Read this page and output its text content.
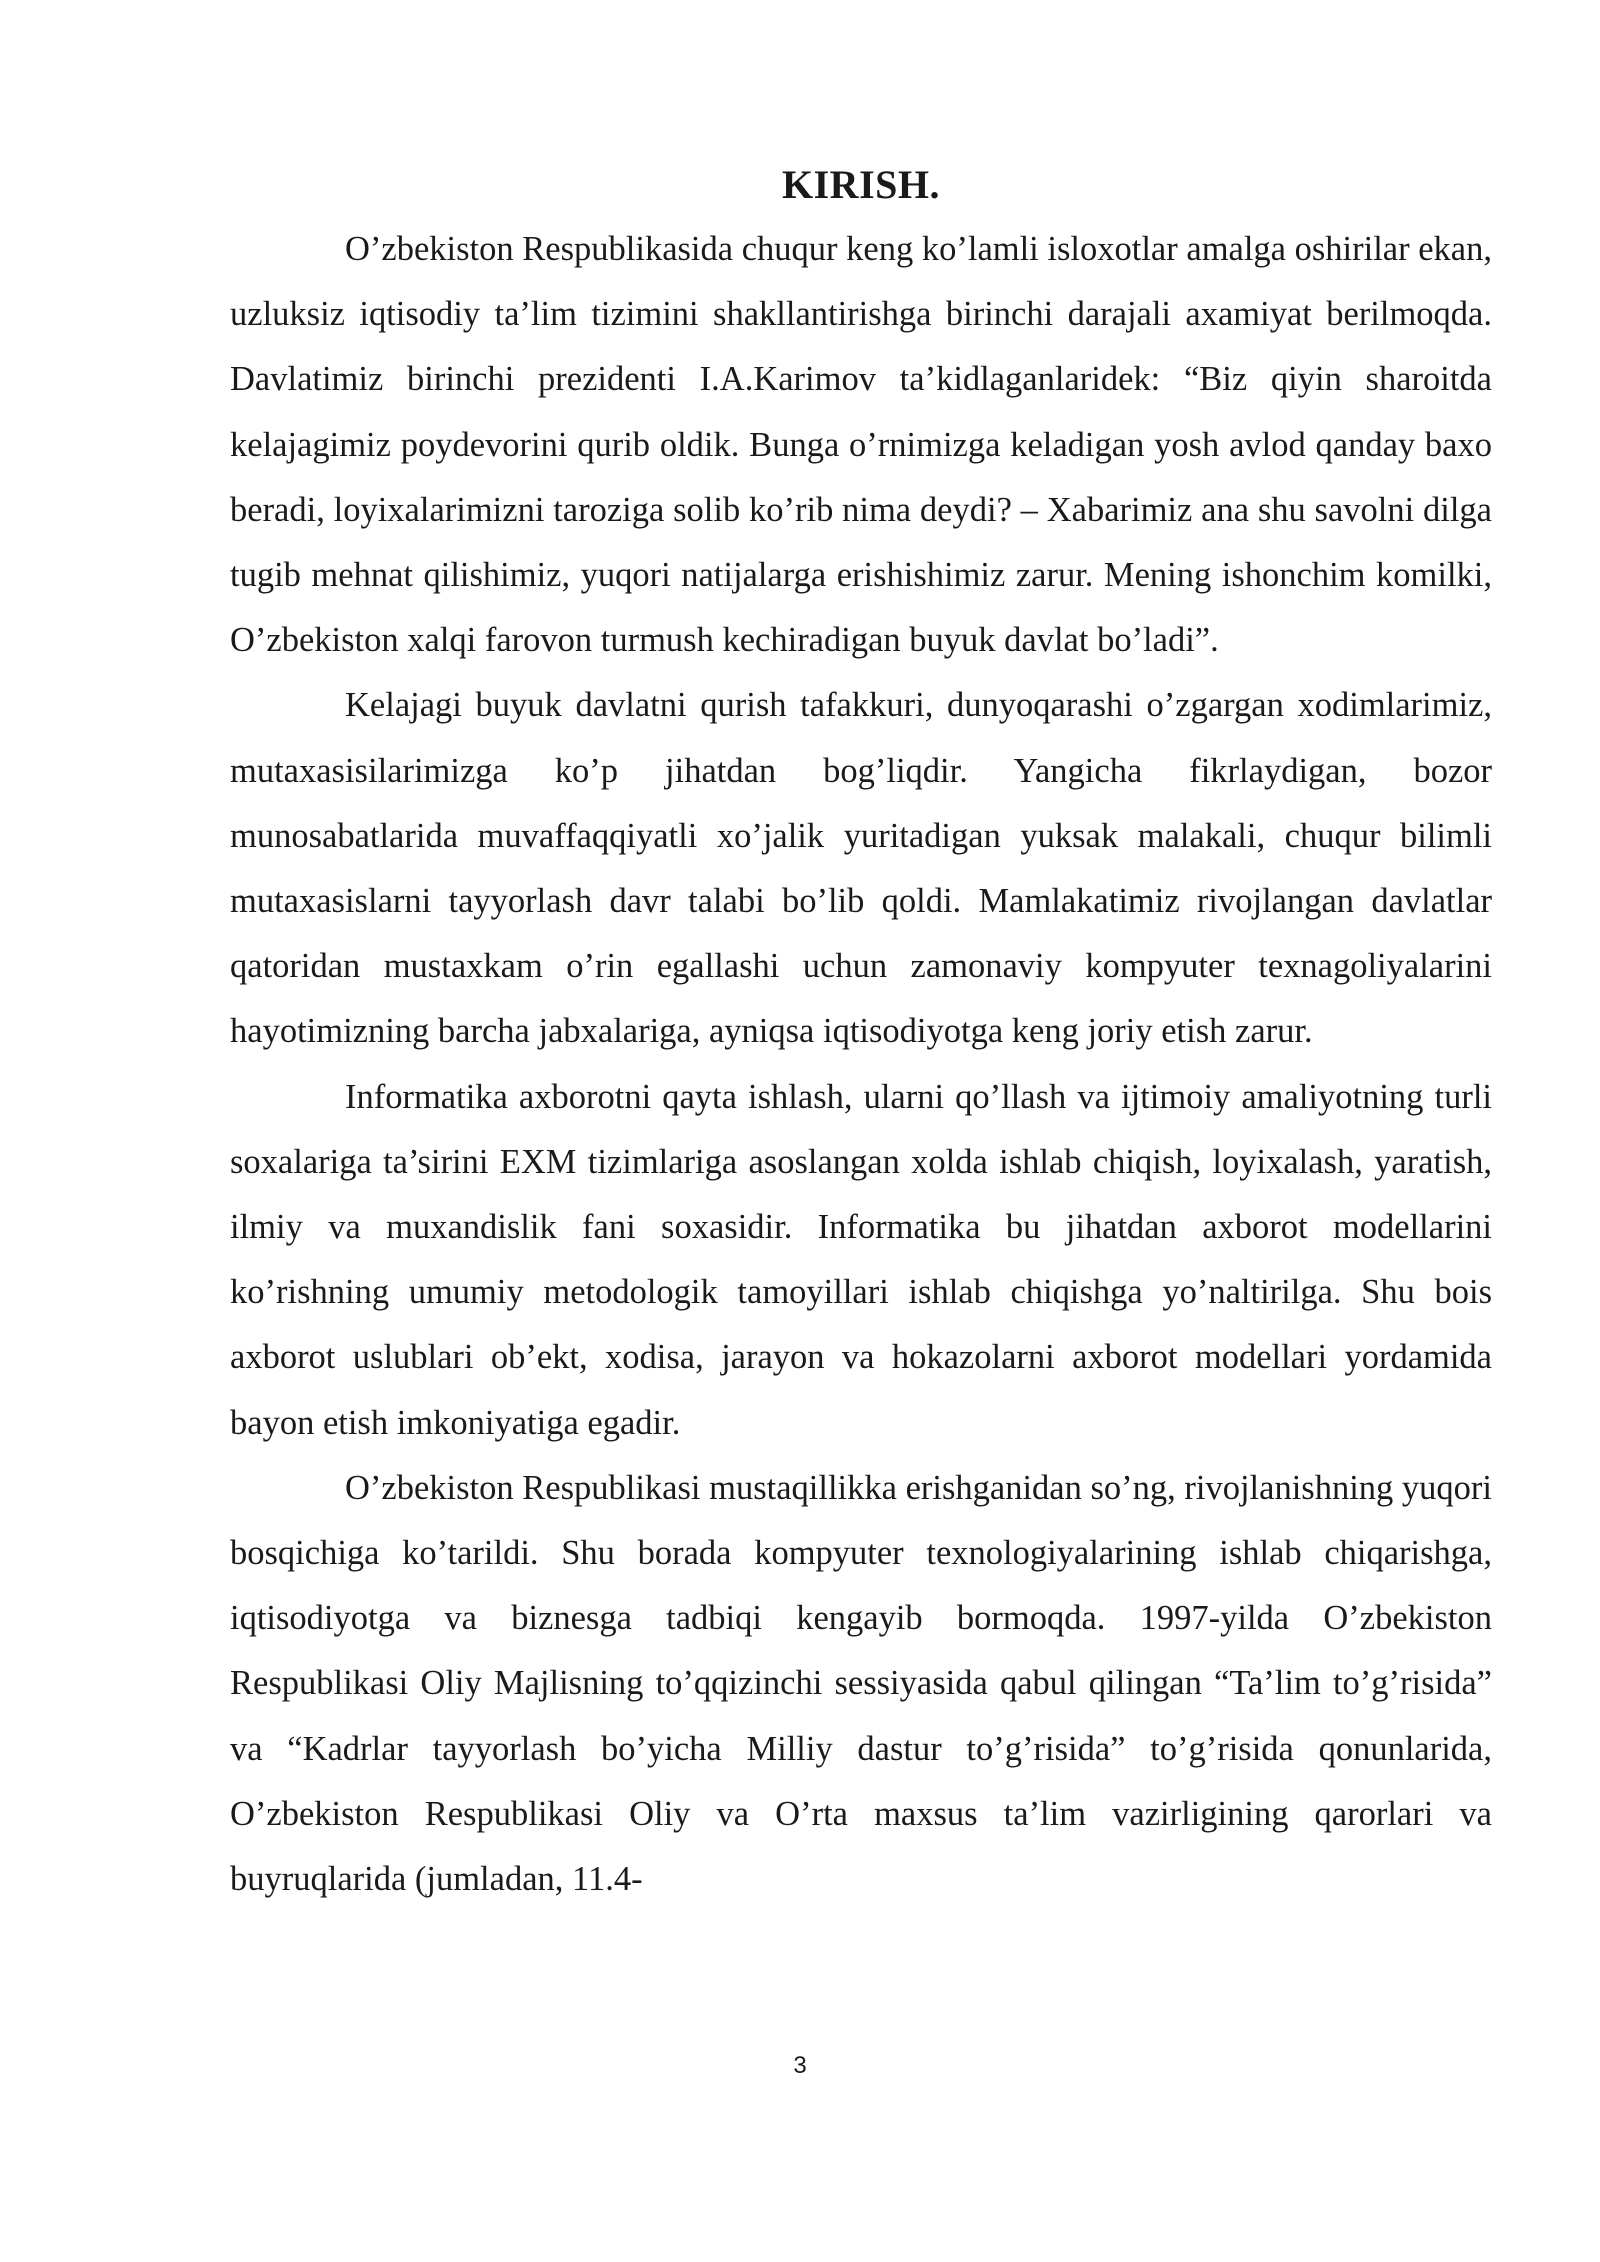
KIRISH.

O’zbekiston Respublikasida chuqur keng ko’lamli isloxotlar amalga oshirilar ekan, uzluksiz iqtisodiy ta’lim tizimini shakllantirishga birinchi darajali axamiyat berilmoqda. Davlatimiz birinchi prezidenti I.A.Karimov ta’kidlaganlaridek: “Biz qiyin sharoitda kelajagimiz poydevorini qurib oldik. Bunga o’rnimizga keladigan yosh avlod qanday baxo beradi, loyixalarimizni taroziga solib ko’rib nima deydi? – Xabarimiz ana shu savolni dilga tugib mehnat qilishimiz, yuqori natijalarga erishishimiz zarur. Mening ishonchim komilki, O’zbekiston xalqi farovon turmush kechiradigan buyuk davlat bo’ladi”.

Kelajagi buyuk davlatni qurish tafakkuri, dunyoqarashi o’zgargan xodimlarimiz, mutaxasisilarimizga ko’p jihatdan bog’liqdir. Yangicha fikrlaydigan, bozor munosabatlarida muvaffaqqiyatli xo’jalik yuritadigan yuksak malakali, chuqur bilimli mutaxasislarni tayyorlash davr talabi bo’lib qoldi. Mamlakatimiz rivojlangan davlatlar qatoridan mustaxkam o’rin egallashi uchun zamonaviy kompyuter texnagoliyalarini hayotimizning barcha jabxalariga, ayniqsa iqtisodiyotga keng joriy etish zarur.

Informatika axborotni qayta ishlash, ularni qo’llash va ijtimoiy amaliyotning turli soxalariga ta’sirini EXM tizimlariga asoslangan xolda ishlab chiqish, loyixalash, yaratish, ilmiy va muxandislik fani soxasidir. Informatika bu jihatdan axborot modellarini ko’rishning umumiy metodologik tamoyillari ishlab chiqishga yo’naltirilga. Shu bois axborot uslublari ob’ekt, xodisa, jarayon va hokazolarni axborot modellari yordamida bayon etish imkoniyatiga egadir.

O’zbekiston Respublikasi mustaqillikka erishganidan so’ng, rivojlanishning yuqori bosqichiga ko’tarildi. Shu borada kompyuter texnologiyalarining ishlab chiqarishga, iqtisodiyotga va biznesga tadbiqi kengayib bormoqda. 1997-yilda O’zbekiston Respublikasi Oliy Majlisning to’qqizinchi sessiyasida qabul qilingan “Ta’lim to’g’risida” va “Kadrlar tayyorlash bo’yicha Milliy dastur to’g’risida” to’g’risida qonunlarida, O’zbekiston Respublikasi Oliy va O’rta maxsus ta’lim vazirligining qarorlari va buyruqlarida (jumladan, 11.4-

3
